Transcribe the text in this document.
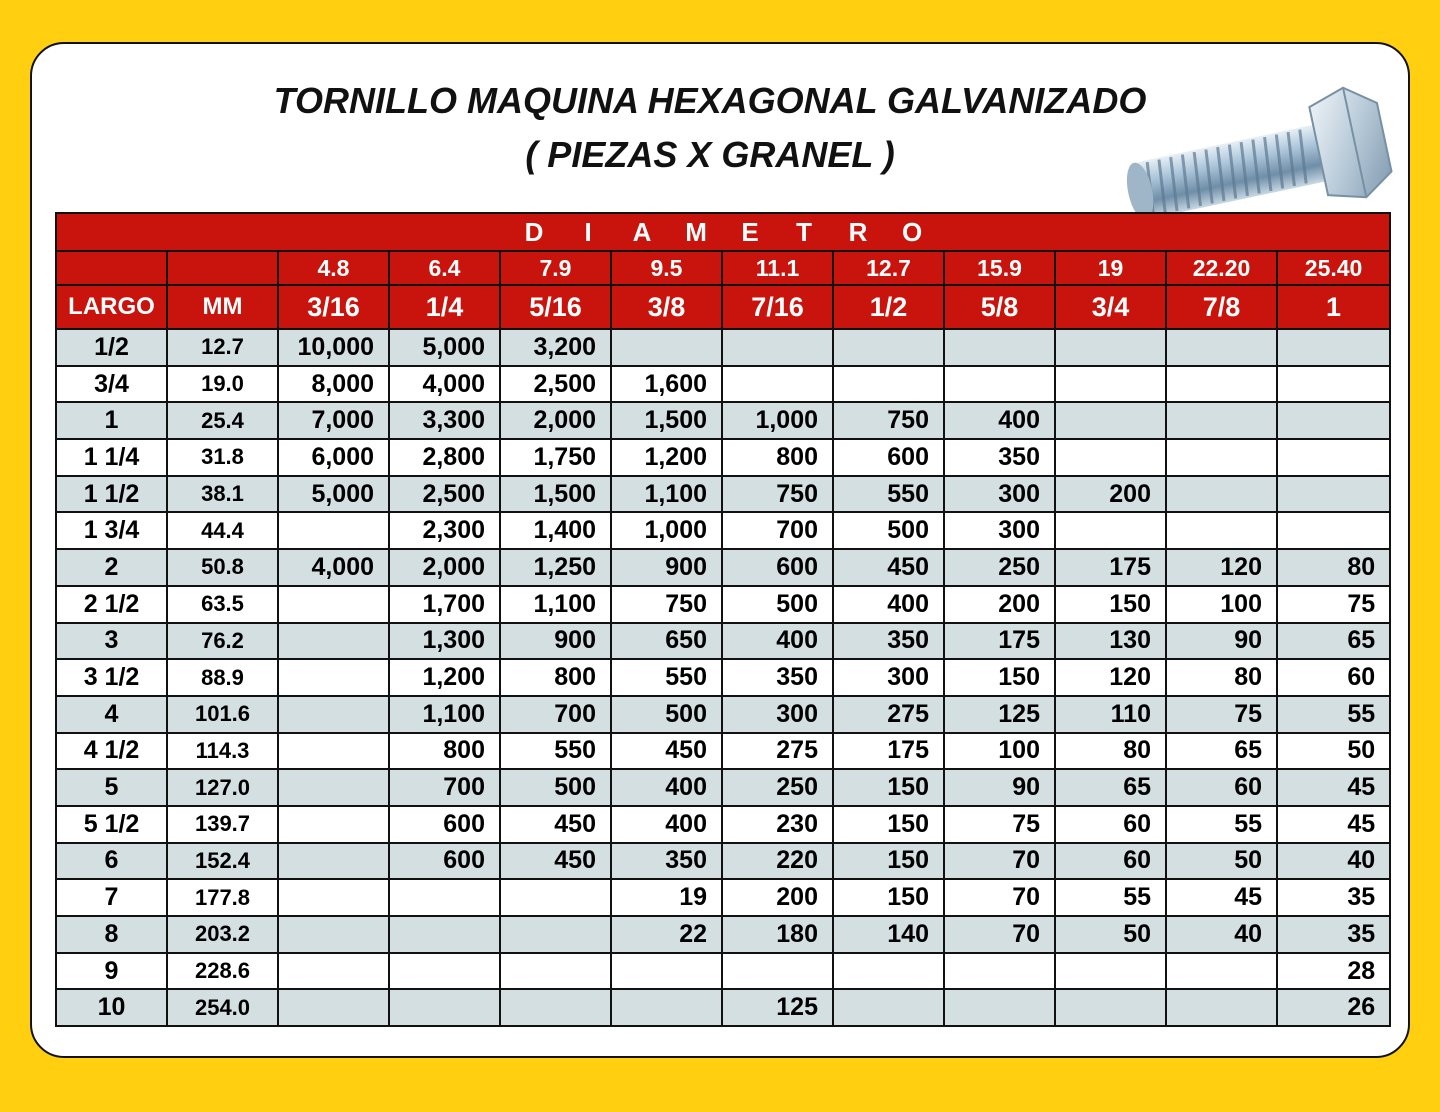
TORNILLO MAQUINA HEXAGONAL GALVANIZADO
( PIEZAS X GRANEL )
D I A M E T R O											
		4.8	6.4	7.9	9.5	11.1	12.7	15.9	19	22.20	25.40
LARGO	MM	3/16	1/4	5/16	3/8	7/16	1/2	5/8	3/4	7/8	1
1/2	12.7	10,000	5,000	3,200							
3/4	19.0	8,000	4,000	2,500	1,600						
1	25.4	7,000	3,300	2,000	1,500	1,000	750	400			
1 1/4	31.8	6,000	2,800	1,750	1,200	800	600	350			
1 1/2	38.1	5,000	2,500	1,500	1,100	750	550	300	200		
1 3/4	44.4		2,300	1,400	1,000	700	500	300			
2	50.8	4,000	2,000	1,250	900	600	450	250	175	120	80
2 1/2	63.5		1,700	1,100	750	500	400	200	150	100	75
3	76.2		1,300	900	650	400	350	175	130	90	65
3 1/2	88.9		1,200	800	550	350	300	150	120	80	60
4	101.6		1,100	700	500	300	275	125	110	75	55
4 1/2	114.3		800	550	450	275	175	100	80	65	50
5	127.0		700	500	400	250	150	90	65	60	45
5 1/2	139.7		600	450	400	230	150	75	60	55	45
6	152.4		600	450	350	220	150	70	60	50	40
7	177.8				19	200	150	70	55	45	35
8	203.2				22	180	140	70	50	40	35
9	228.6										28
10	254.0					125					26
